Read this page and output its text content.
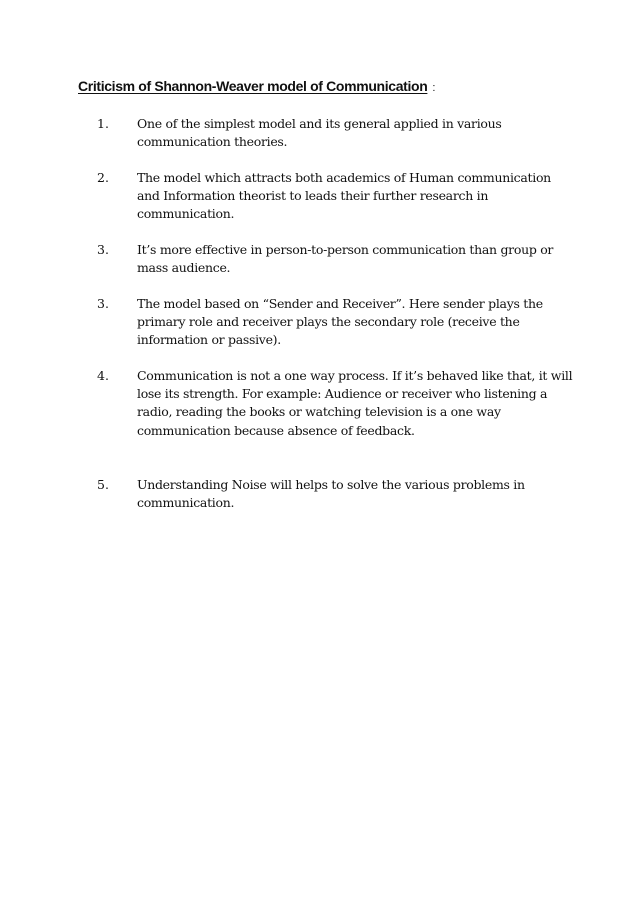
Criticism of Shannon-Weaver model of Communication :
1. One of the simplest model and its general applied in various communication theories.
2. The model which attracts both academics of Human communication and Information theorist to leads their further research in communication.
3. It’s more effective in person-to-person communication than group or mass audience.
3. The model based on “Sender and Receiver”. Here sender plays the primary role and receiver plays the secondary role (receive the information or passive).
4. Communication is not a one way process. If it’s behaved like that, it will lose its strength. For example: Audience or receiver who listening a radio, reading the books or watching television is a one way communication because absence of feedback.
5. Understanding Noise will helps to solve the various problems in communication.
